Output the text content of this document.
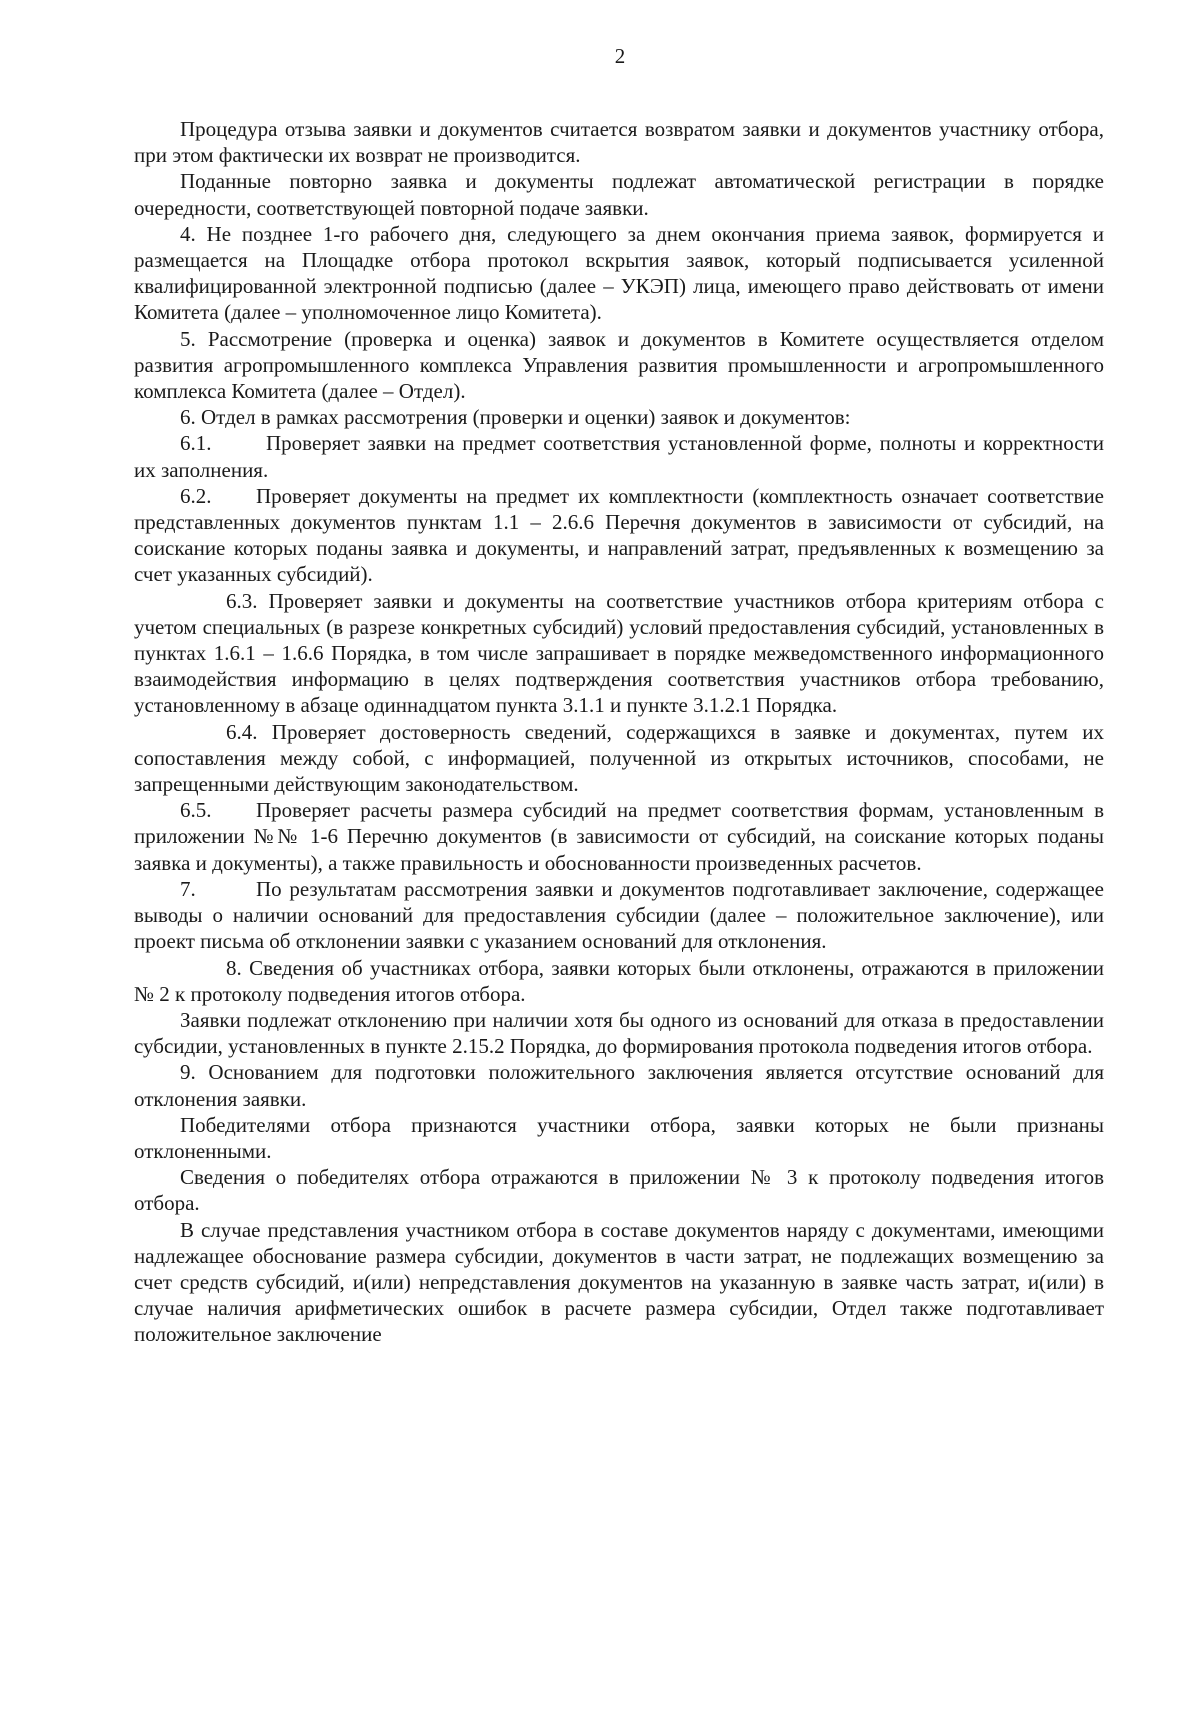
2

Процедура отзыва заявки и документов считается возвратом заявки и документов участнику отбора, при этом фактически их возврат не производится.

Поданные повторно заявка и документы подлежат автоматической регистрации в порядке очередности, соответствующей повторной подаче заявки.

4. Не позднее 1-го рабочего дня, следующего за днем окончания приема заявок, формируется и размещается на Площадке отбора протокол вскрытия заявок, который подписывается усиленной квалифицированной электронной подписью (далее – УКЭП) лица, имеющего право действовать от имени Комитета (далее – уполномоченное лицо Комитета).

5. Рассмотрение (проверка и оценка) заявок и документов в Комитете осуществляется отделом развития агропромышленного комплекса Управления развития промышленности и агропромышленного комплекса Комитета (далее – Отдел).

6. Отдел в рамках рассмотрения (проверки и оценки) заявок и документов:

6.1.	Проверяет заявки на предмет соответствия установленной форме, полноты и корректности их заполнения.

6.2. Проверяет документы на предмет их комплектности (комплектность означает соответствие представленных документов пунктам 1.1 – 2.6.6 Перечня документов в зависимости от субсидий, на соискание которых поданы заявка и документы, и направлений затрат, предъявленных к возмещению за счет указанных субсидий).

6.3. Проверяет заявки и документы на соответствие участников отбора критериям отбора с учетом специальных (в разрезе конкретных субсидий) условий предоставления субсидий, установленных в пунктах 1.6.1 – 1.6.6 Порядка, в том числе запрашивает в порядке межведомственного информационного взаимодействия информацию в целях подтверждения соответствия участников отбора требованию, установленному в абзаце одиннадцатом пункта 3.1.1 и пункте 3.1.2.1 Порядка.

6.4. Проверяет достоверность сведений, содержащихся в заявке и документах, путем их сопоставления между собой, с информацией, полученной из открытых источников, способами, не запрещенными действующим законодательством.

6.5. Проверяет расчеты размера субсидий на предмет соответствия формам, установленным в приложении №№ 1-6 Перечню документов (в зависимости от субсидий, на соискание которых поданы заявка и документы), а также правильность и обоснованности произведенных расчетов.

7.	По результатам рассмотрения заявки и документов подготавливает заключение, содержащее выводы о наличии оснований для предоставления субсидии (далее – положительное заключение), или проект письма об отклонении заявки с указанием оснований для отклонения.

8. Сведения об участниках отбора, заявки которых были отклонены, отражаются в приложении № 2 к протоколу подведения итогов отбора.

Заявки подлежат отклонению при наличии хотя бы одного из оснований для отказа в предоставлении субсидии, установленных в пункте 2.15.2 Порядка, до формирования протокола подведения итогов отбора.

9. Основанием для подготовки положительного заключения является отсутствие оснований для отклонения заявки.

Победителями отбора признаются участники отбора, заявки которых не были признаны отклоненными.

Сведения о победителях отбора отражаются в приложении № 3 к протоколу подведения итогов отбора.

В случае представления участником отбора в составе документов наряду с документами, имеющими надлежащее обоснование размера субсидии, документов в части затрат, не подлежащих возмещению за счет средств субсидий, и(или) непредставления документов на указанную в заявке часть затрат, и(или) в случае наличия арифметических ошибок в расчете размера субсидии, Отдел также подготавливает положительное заключение
